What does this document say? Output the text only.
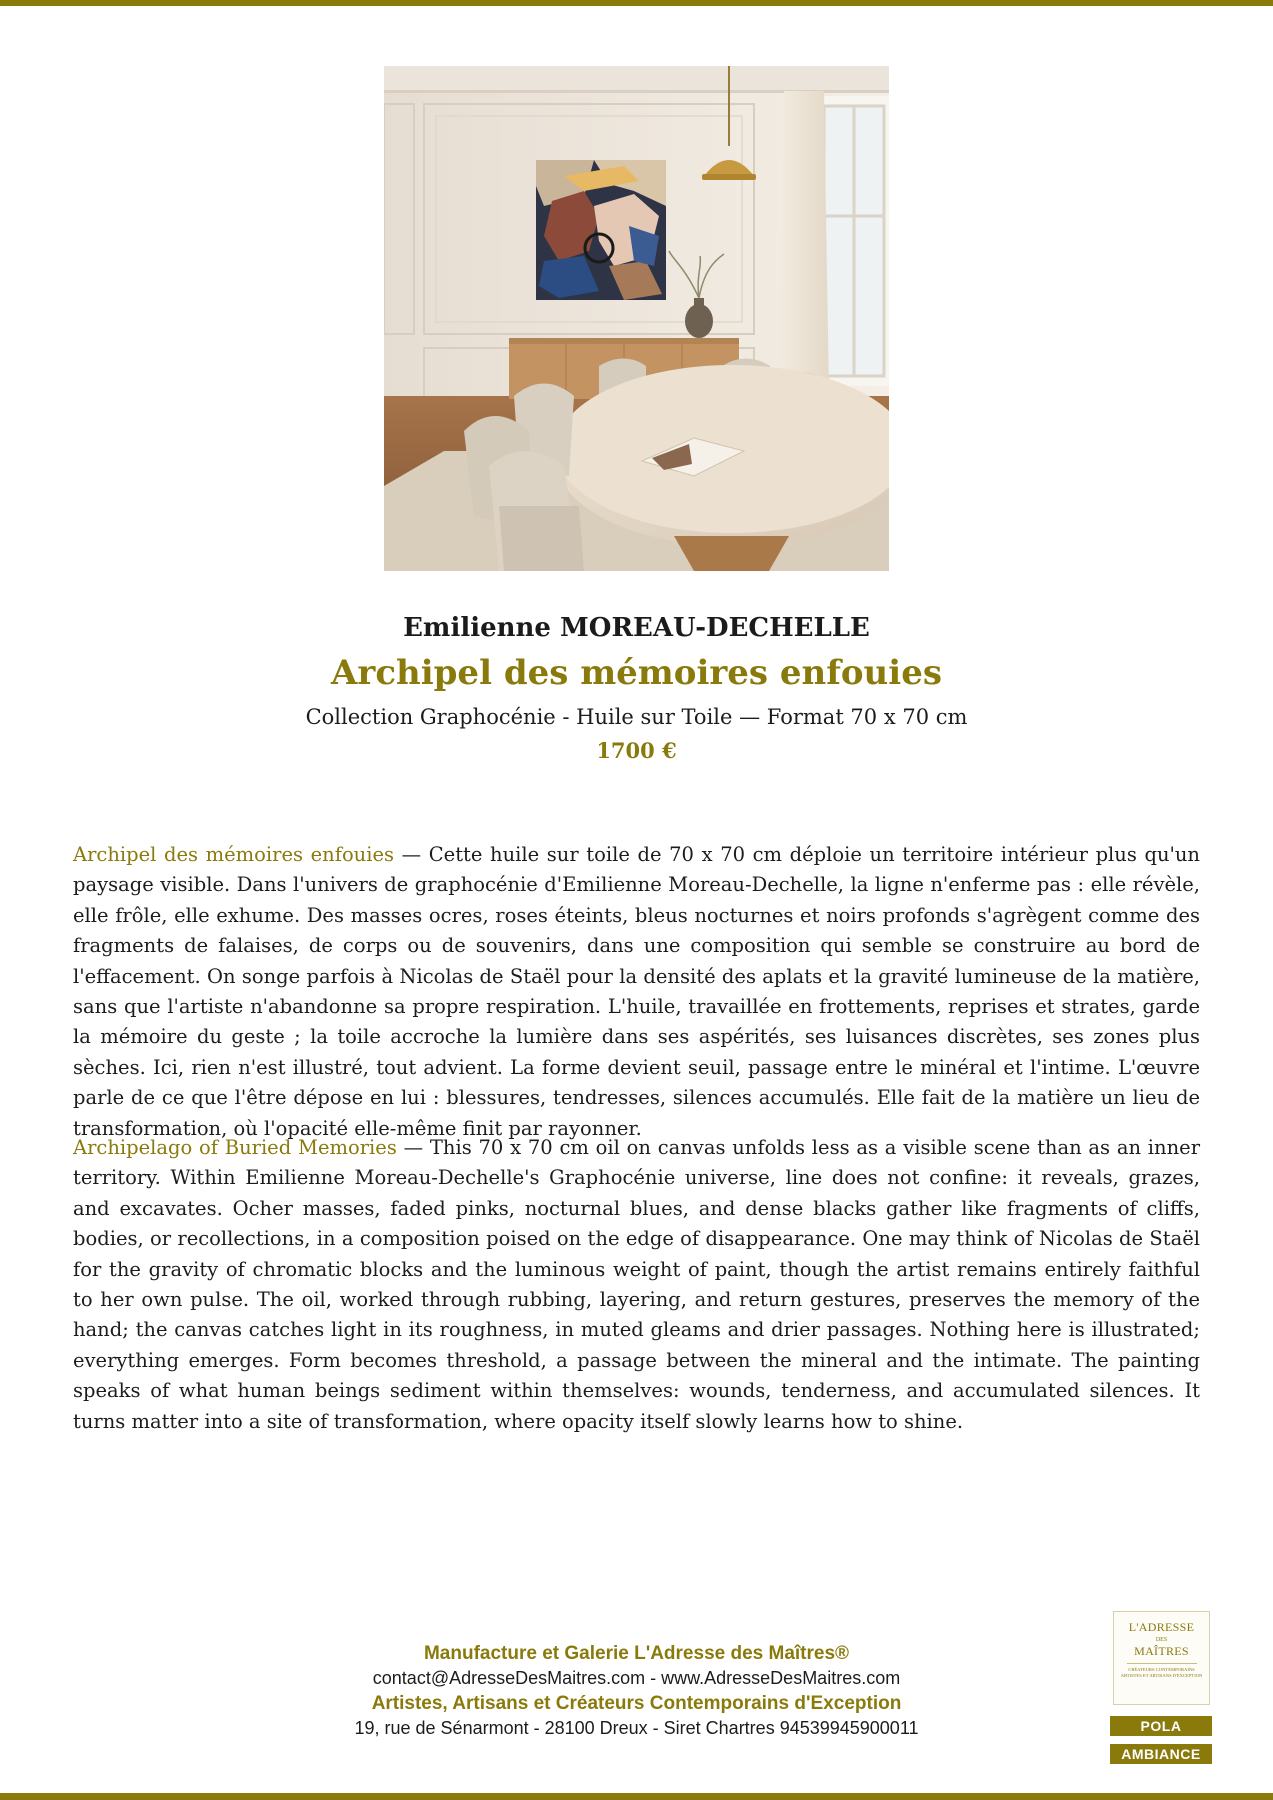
Emilienne MOREAU-DECHELLE
Archipel des mémoires enfouies
Collection Graphocénie - Huile sur Toile — Format 70 x 70 cm
1700 €

Archipel des mémoires enfouies — Cette huile sur toile de 70 x 70 cm déploie un territoire intérieur plus qu'un paysage visible. Dans l'univers de graphocénie d'Emilienne Moreau-Dechelle, la ligne n'enferme pas : elle révèle, elle frôle, elle exhume. Des masses ocres, roses éteints, bleus nocturnes et noirs profonds s'agrègent comme des fragments de falaises, de corps ou de souvenirs, dans une composition qui semble se construire au bord de l'effacement. On songe parfois à Nicolas de Staël pour la densité des aplats et la gravité lumineuse de la matière, sans que l'artiste n'abandonne sa propre respiration. L'huile, travaillée en frottements, reprises et strates, garde la mémoire du geste ; la toile accroche la lumière dans ses aspérités, ses luisances discrètes, ses zones plus sèches. Ici, rien n'est illustré, tout advient. La forme devient seuil, passage entre le minéral et l'intime. L'œuvre parle de ce que l'être dépose en lui : blessures, tendresses, silences accumulés. Elle fait de la matière un lieu de transformation, où l'opacité elle-même finit par rayonner.

Archipelago of Buried Memories — This 70 x 70 cm oil on canvas unfolds less as a visible scene than as an inner territory. Within Emilienne Moreau-Dechelle's Graphocénie universe, line does not confine: it reveals, grazes, and excavates. Ocher masses, faded pinks, nocturnal blues, and dense blacks gather like fragments of cliffs, bodies, or recollections, in a composition poised on the edge of disappearance. One may think of Nicolas de Staël for the gravity of chromatic blocks and the luminous weight of paint, though the artist remains entirely faithful to her own pulse. The oil, worked through rubbing, layering, and return gestures, preserves the memory of the hand; the canvas catches light in its roughness, in muted gleams and drier passages. Nothing here is illustrated; everything emerges. Form becomes threshold, a passage between the mineral and the intimate. The painting speaks of what human beings sediment within themselves: wounds, tenderness, and accumulated silences. It turns matter into a site of transformation, where opacity itself slowly learns how to shine.

Manufacture et Galerie L'Adresse des Maîtres®
contact@AdresseDesMaitres.com - www.AdresseDesMaitres.com
Artistes, Artisans et Créateurs Contemporains d'Exception
19, rue de Sénarmont - 28100 Dreux - Siret Chartres 94539945900011
L'ADRESSE
DES
MAÎTRES
CRÉATEURS CONTEMPORAINS ARTISTES ET ARTISANS D'EXCEPTION
POLA
AMBIANCE
